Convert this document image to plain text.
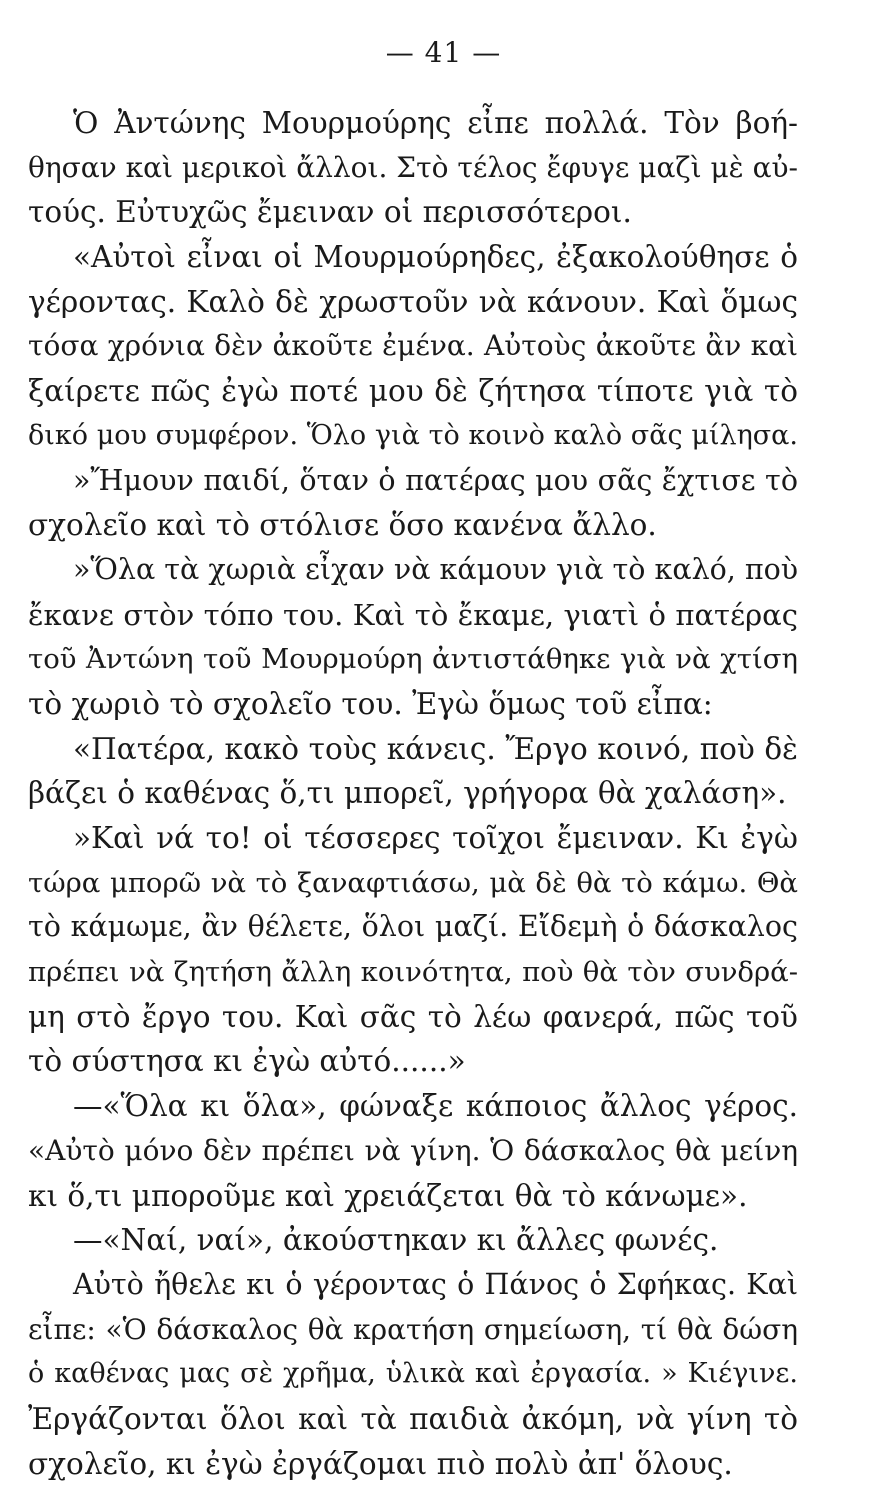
— 41 —
Ὁ Ἀντώνης Μουρμούρης εἶπε πολλά. Τὸν βοή-
θησαν καὶ μερικοὶ ἄλλοι. Στὸ τέλος ἔφυγε μαζὶ μὲ αὐ-
τούς. Εὐτυχῶς ἔμειναν οἱ περισσότεροι.
«Αὐτοὶ εἶναι οἱ Μουρμούρηδες, ἐξακολούθησε ὁ
γέροντας. Καλὸ δὲ χρωστοῦν νὰ κάνουν. Καὶ ὅμως
τόσα χρόνια δὲν ἀκοῦτε ἐμένα. Αὐτοὺς ἀκοῦτε ἂν καὶ
ξαίρετε πῶς ἐγὼ ποτέ μου δὲ ζήτησα τίποτε γιὰ τὸ
δικό μου συμφέρον. Ὅλο γιὰ τὸ κοινὸ καλὸ σᾶς μίλησα.
»Ἤμουν παιδί, ὅταν ὁ πατέρας μου σᾶς ἔχτισε τὸ
σχολεῖο καὶ τὸ στόλισε ὅσο κανένα ἄλλο.
»Ὅλα τὰ χωριὰ εἶχαν νὰ κάμουν γιὰ τὸ καλό, ποὺ
ἔκανε στὸν τόπο του. Καὶ τὸ ἔκαμε, γιατὶ ὁ πατέρας
τοῦ Ἀντώνη τοῦ Μουρμούρη ἀντιστάθηκε γιὰ νὰ χτίση
τὸ χωριὸ τὸ σχολεῖο του. Ἐγὼ ὅμως τοῦ εἶπα:
«Πατέρα, κακὸ τοὺς κάνεις. Ἔργο κοινό, ποὺ δὲ
βάζει ὁ καθένας ὅ,τι μπορεῖ, γρήγορα θὰ χαλάση».
»Καὶ νά το! οἱ τέσσερες τοῖχοι ἔμειναν. Κι ἐγὼ
τώρα μπορῶ νὰ τὸ ξαναφτιάσω, μὰ δὲ θὰ τὸ κάμω. Θὰ
τὸ κάμωμε, ἂν θέλετε, ὅλοι μαζί. Εἴδεμὴ ὁ δάσκαλος
πρέπει νὰ ζητήση ἄλλη κοινότητα, ποὺ θὰ τὸν συνδρά-
μη στὸ ἔργο του. Καὶ σᾶς τὸ λέω φανερά, πῶς τοῦ
τὸ σύστησα κι ἐγὼ αὐτό......»
—«Ὅλα κι ὅλα», φώναξε κάποιος ἄλλος γέρος.
«Αὐτὸ μόνο δὲν πρέπει νὰ γίνη. Ὁ δάσκαλος θὰ μείνη
κι ὅ,τι μποροῦμε καὶ χρειάζεται θὰ τὸ κάνωμε».
—«Ναί, ναί», ἀκούστηκαν κι ἄλλες φωνές.
Αὐτὸ ἤθελε κι ὁ γέροντας ὁ Πάνος ὁ Σφήκας. Καὶ
εἶπε: «Ὁ δάσκαλος θὰ κρατήση σημείωση, τί θὰ δώση
ὁ καθένας μας σὲ χρῆμα, ὑλικὰ καὶ ἐργασία. » Κιέγινε.
Ἐργάζονται ὅλοι καὶ τὰ παιδιὰ ἀκόμη, νὰ γίνη τὸ
σχολεῖο, κι ἐγὼ ἐργάζομαι πιὸ πολὺ ἀπ' ὅλους.
